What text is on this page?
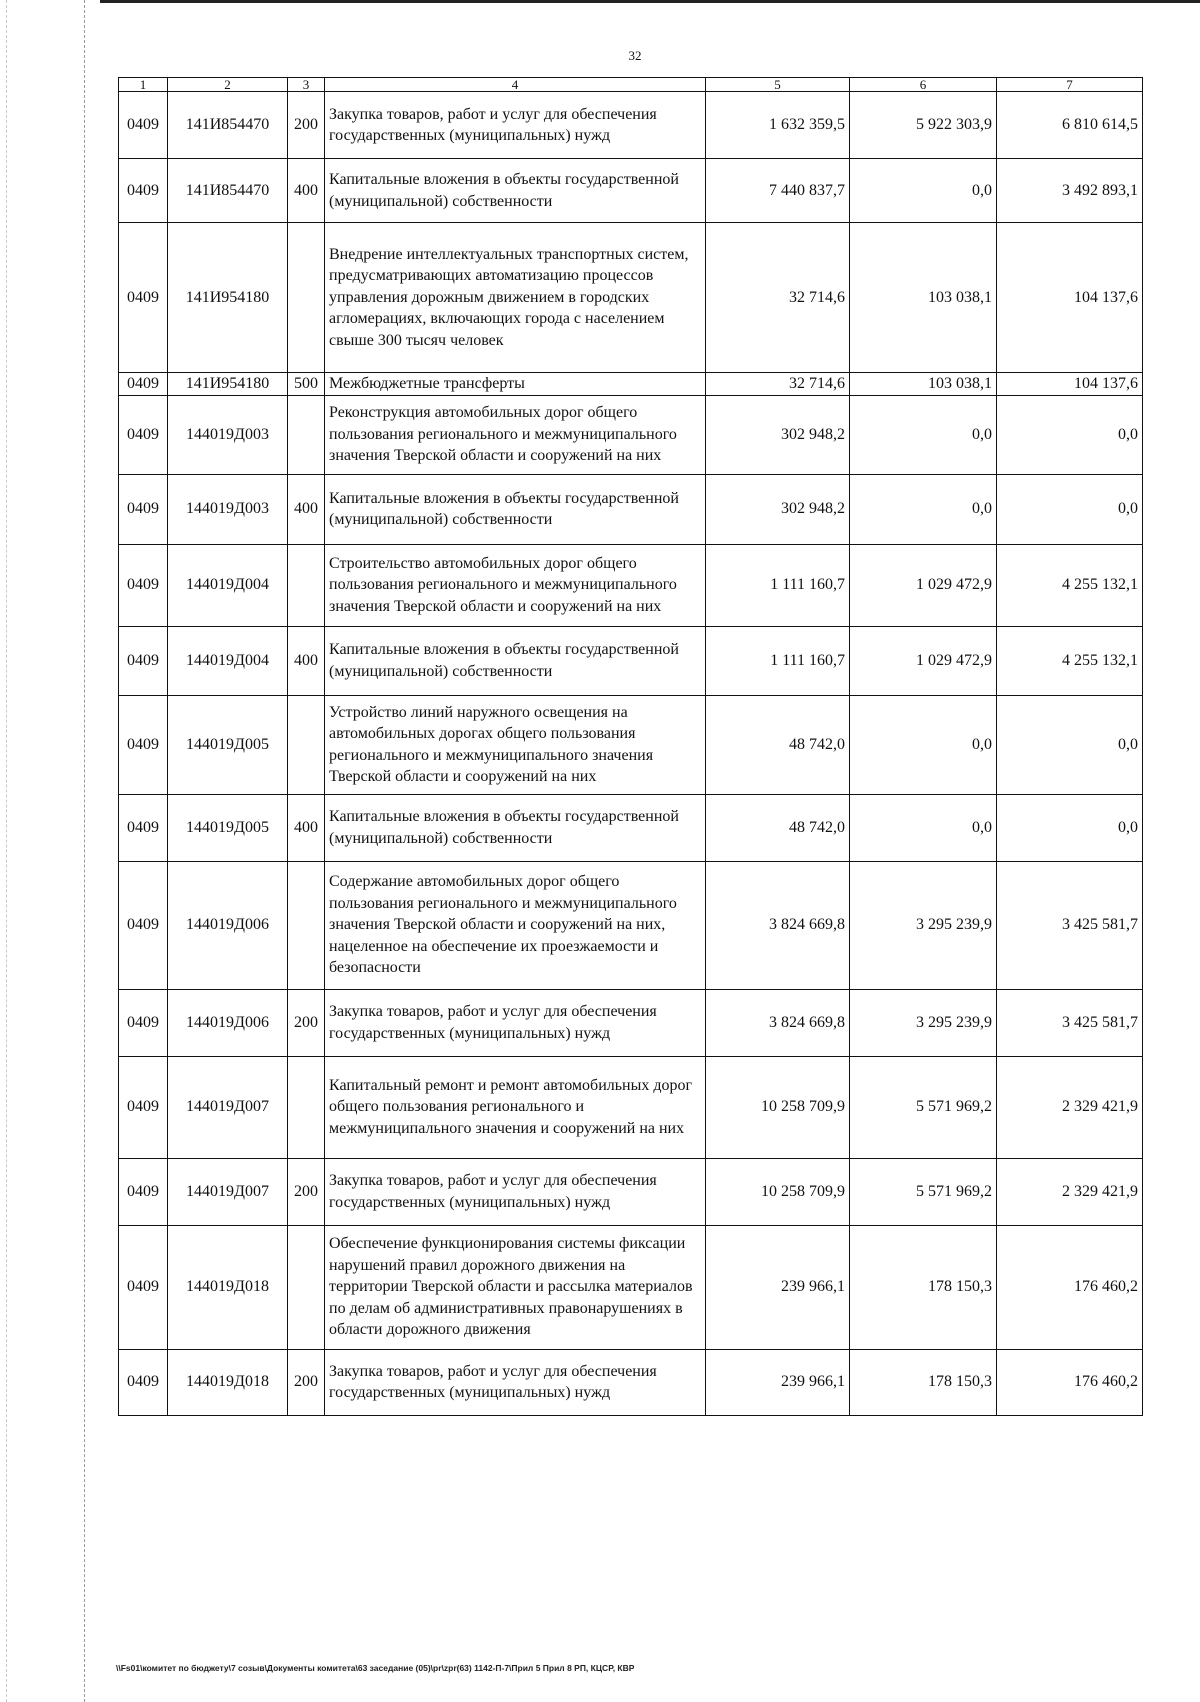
32
1	2	3	4	5	6	7
0409	141И854470	200	Закупка товаров, работ и услуг для обеспечения государственных (муниципальных) нужд	1 632 359,5	5 922 303,9	6 810 614,5
0409	141И854470	400	Капитальные вложения в объекты государственной (муниципальной) собственности	7 440 837,7	0,0	3 492 893,1
0409	141И954180		Внедрение интеллектуальных транспортных систем, предусматривающих автоматизацию процессов управления дорожным движением в городских агломерациях, включающих города с населением свыше 300 тысяч человек	32 714,6	103 038,1	104 137,6
0409	141И954180	500	Межбюджетные трансферты	32 714,6	103 038,1	104 137,6
0409	144019Д003		Реконструкция автомобильных дорог общего пользования регионального и межмуниципального значения Тверской области и сооружений на них	302 948,2	0,0	0,0
0409	144019Д003	400	Капитальные вложения в объекты государственной (муниципальной) собственности	302 948,2	0,0	0,0
0409	144019Д004		Строительство автомобильных дорог общего пользования регионального и межмуниципального значения Тверской области и сооружений на них	1 111 160,7	1 029 472,9	4 255 132,1
0409	144019Д004	400	Капитальные вложения в объекты государственной (муниципальной) собственности	1 111 160,7	1 029 472,9	4 255 132,1
0409	144019Д005		Устройство линий наружного освещения на автомобильных дорогах общего пользования регионального и межмуниципального значения Тверской области и сооружений на них	48 742,0	0,0	0,0
0409	144019Д005	400	Капитальные вложения в объекты государственной (муниципальной) собственности	48 742,0	0,0	0,0
0409	144019Д006		Содержание автомобильных дорог общего пользования регионального и межмуниципального значения Тверской области и сооружений на них, нацеленное на обеспечение их проезжаемости и безопасности	3 824 669,8	3 295 239,9	3 425 581,7
0409	144019Д006	200	Закупка товаров, работ и услуг для обеспечения государственных (муниципальных) нужд	3 824 669,8	3 295 239,9	3 425 581,7
0409	144019Д007		Капитальный ремонт и ремонт автомобильных дорог общего пользования регионального и межмуниципального значения и сооружений на них	10 258 709,9	5 571 969,2	2 329 421,9
0409	144019Д007	200	Закупка товаров, работ и услуг для обеспечения государственных (муниципальных) нужд	10 258 709,9	5 571 969,2	2 329 421,9
0409	144019Д018		Обеспечение функционирования системы фиксации нарушений правил дорожного движения на территории Тверской области и рассылка материалов по делам об административных правонарушениях в области дорожного движения	239 966,1	178 150,3	176 460,2
0409	144019Д018	200	Закупка товаров, работ и услуг для обеспечения государственных (муниципальных) нужд	239 966,1	178 150,3	176 460,2
\\Fs01\комитет по бюджету\7 созыв\Документы комитета\63 заседание (05)\pr\zpr(63) 1142-П-7\Прил 5 Прил 8 РП, КЦСР, КВР
